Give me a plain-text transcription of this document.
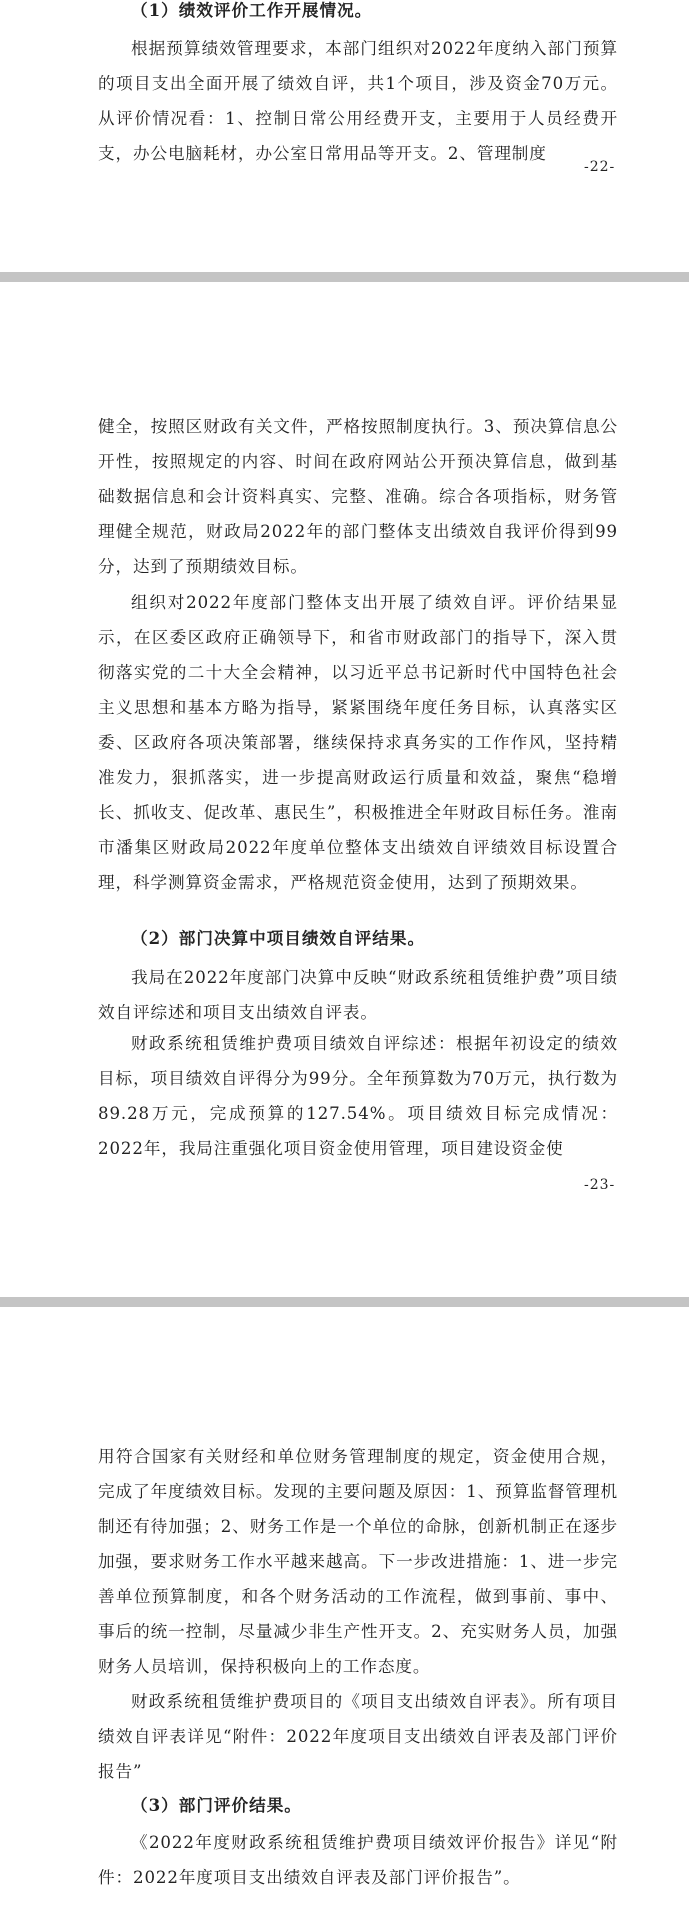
（1）绩效评价工作开展情况。

根据预算绩效管理要求，本部门组织对2022年度纳入部门预算的项目支出全面开展了绩效自评，共1个项目，涉及资金70万元。从评价情况看：1、控制日常公用经费开支，主要用于人员经费开支，办公电脑耗材，办公室日常用品等开支。2、管理制度

-22-

健全，按照区财政有关文件，严格按照制度执行。3、预决算信息公开性，按照规定的内容、时间在政府网站公开预决算信息，做到基础数据信息和会计资料真实、完整、准确。综合各项指标，财务管理健全规范，财政局2022年的部门整体支出绩效自我评价得到99分，达到了预期绩效目标。

组织对2022年度部门整体支出开展了绩效自评。评价结果显示，在区委区政府正确领导下，和省市财政部门的指导下，深入贯彻落实党的二十大全会精神，以习近平总书记新时代中国特色社会主义思想和基本方略为指导，紧紧围绕年度任务目标，认真落实区委、区政府各项决策部署，继续保持求真务实的工作作风，坚持精准发力，狠抓落实，进一步提高财政运行质量和效益，聚焦“稳增长、抓收支、促改革、惠民生”，积极推进全年财政目标任务。淮南市潘集区财政局2022年度单位整体支出绩效自评绩效目标设置合理，科学测算资金需求，严格规范资金使用，达到了预期效果。

（2）部门决算中项目绩效自评结果。

我局在2022年度部门决算中反映“财政系统租赁维护费”项目绩效自评综述和项目支出绩效自评表。

财政系统租赁维护费项目绩效自评综述：根据年初设定的绩效目标，项目绩效自评得分为99分。全年预算数为70万元，执行数为89.28万元，完成预算的127.54%。项目绩效目标完成情况：2022年，我局注重强化项目资金使用管理，项目建设资金使

-23-

用符合国家有关财经和单位财务管理制度的规定，资金使用合规，完成了年度绩效目标。发现的主要问题及原因：1、预算监督管理机制还有待加强；2、财务工作是一个单位的命脉，创新机制正在逐步加强，要求财务工作水平越来越高。下一步改进措施：1、进一步完善单位预算制度，和各个财务活动的工作流程，做到事前、事中、事后的统一控制，尽量减少非生产性开支。2、充实财务人员，加强财务人员培训，保持积极向上的工作态度。

财政系统租赁维护费项目的《项目支出绩效自评表》。所有项目绩效自评表详见“附件：2022年度项目支出绩效自评表及部门评价报告”

（3）部门评价结果。

《2022年度财政系统租赁维护费项目绩效评价报告》详见“附件：2022年度项目支出绩效自评表及部门评价报告”。
